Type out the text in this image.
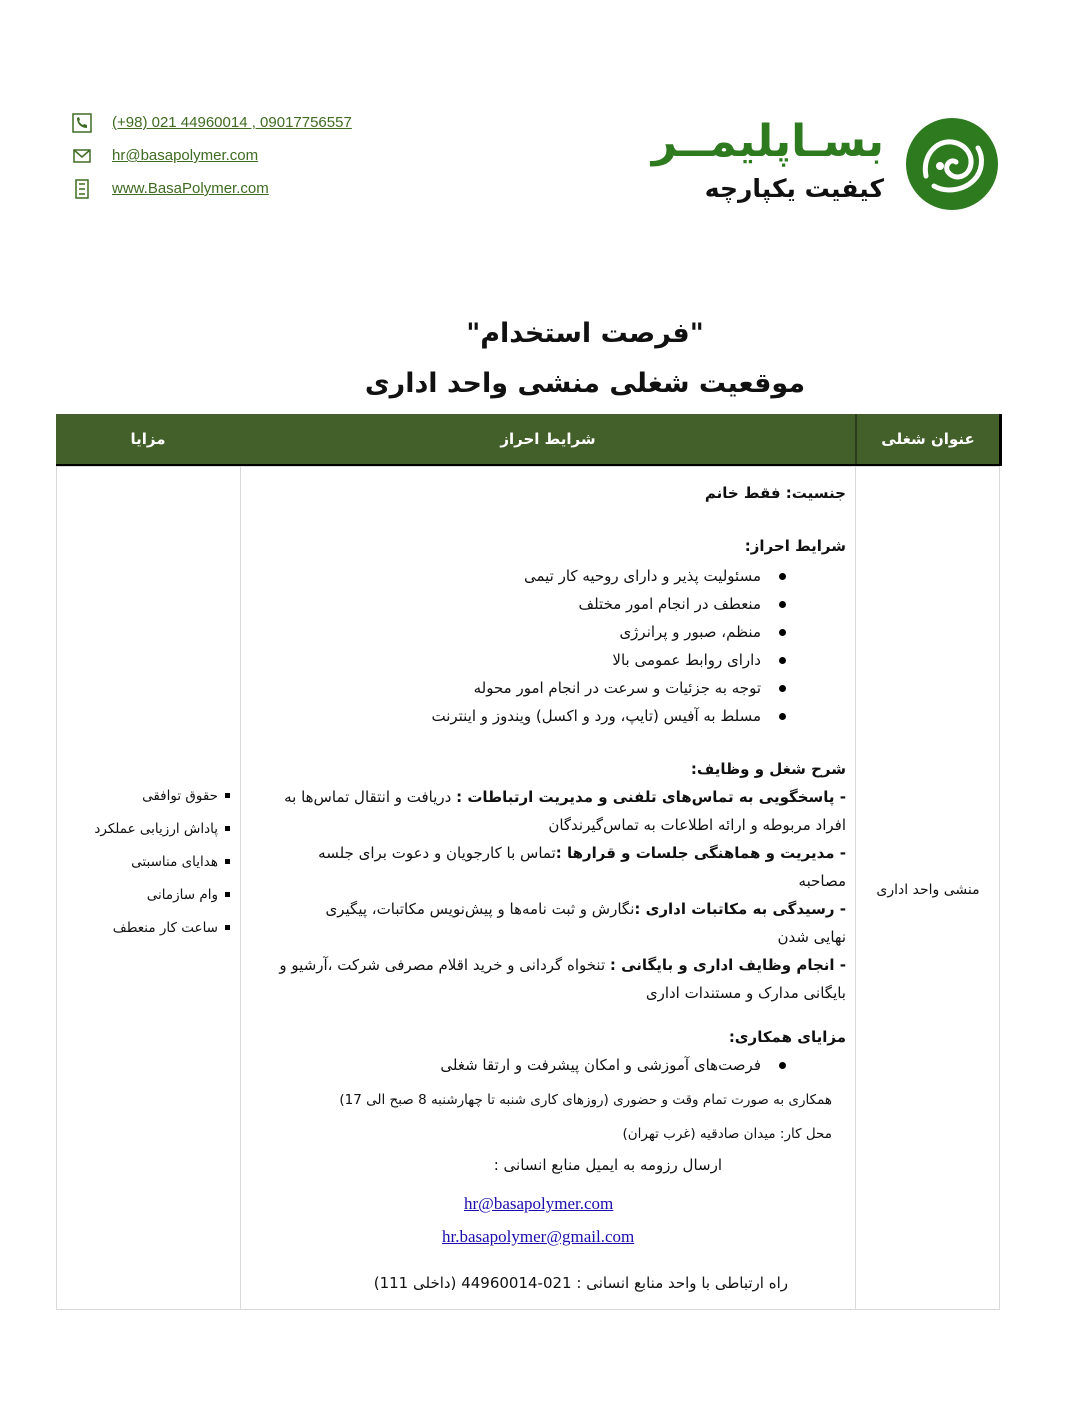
(+98) 021 44960014 , 09017756557
hr@basapolymer.com
www.BasaPolymer.com
بسـاپلیمــر
کیفیت یکپارچه
"فرصت استخدام"
موقعیت شغلی منشی واحد اداری
عنوان شغلی
شرایط احراز
مزایا
منشی واحد اداری
حقوق توافقی
پاداش ارزیابی عملکرد
هدایای مناسبتی
وام سازمانی
ساعت کار منعطف
جنسیت: فقط خانم
شرایط احراز:
مسئولیت پذیر و دارای روحیه کار تیمی
منعطف در انجام امور مختلف
منظم، صبور و پرانرژی
دارای روابط عمومی بالا
توجه به جزئیات و سرعت در انجام امور محوله
مسلط به آفیس (تایپ، ورد و اکسل) ویندوز و اینترنت
شرح شغل و وظایف:
- پاسخگویی به تماس‌های تلفنی و مدیریت ارتباطات : دریافت و انتقال تماس‌ها به
افراد مربوطه و ارائه اطلاعات به تماس‌گیرندگان
- مدیریت و هماهنگی جلسات و قرارها :تماس با کارجویان و دعوت برای جلسه
مصاحبه
- رسیدگی به مکاتبات اداری :نگارش و ثبت نامه‌ها و پیش‌نویس مکاتبات، پیگیری
نهایی شدن
- انجام وظایف اداری و بایگانی : تنخواه گردانی و خرید اقلام مصرفی شرکت ،آرشیو و
بایگانی مدارک و مستندات اداری
مزایای همکاری:
فرصت‌های آموزشی و امکان پیشرفت و ارتقا شغلی
همکاری به صورت تمام وقت و حضوری (روزهای کاری شنبه تا چهارشنبه 8 صبح الی 17)
محل کار: میدان صادقیه (غرب تهران)
ارسال رزومه به ایمیل منابع انسانی :
hr@basapolymer.com
hr.basapolymer@gmail.com
راه ارتباطی با واحد منابع انسانی : 021-44960014 (داخلی 111)
